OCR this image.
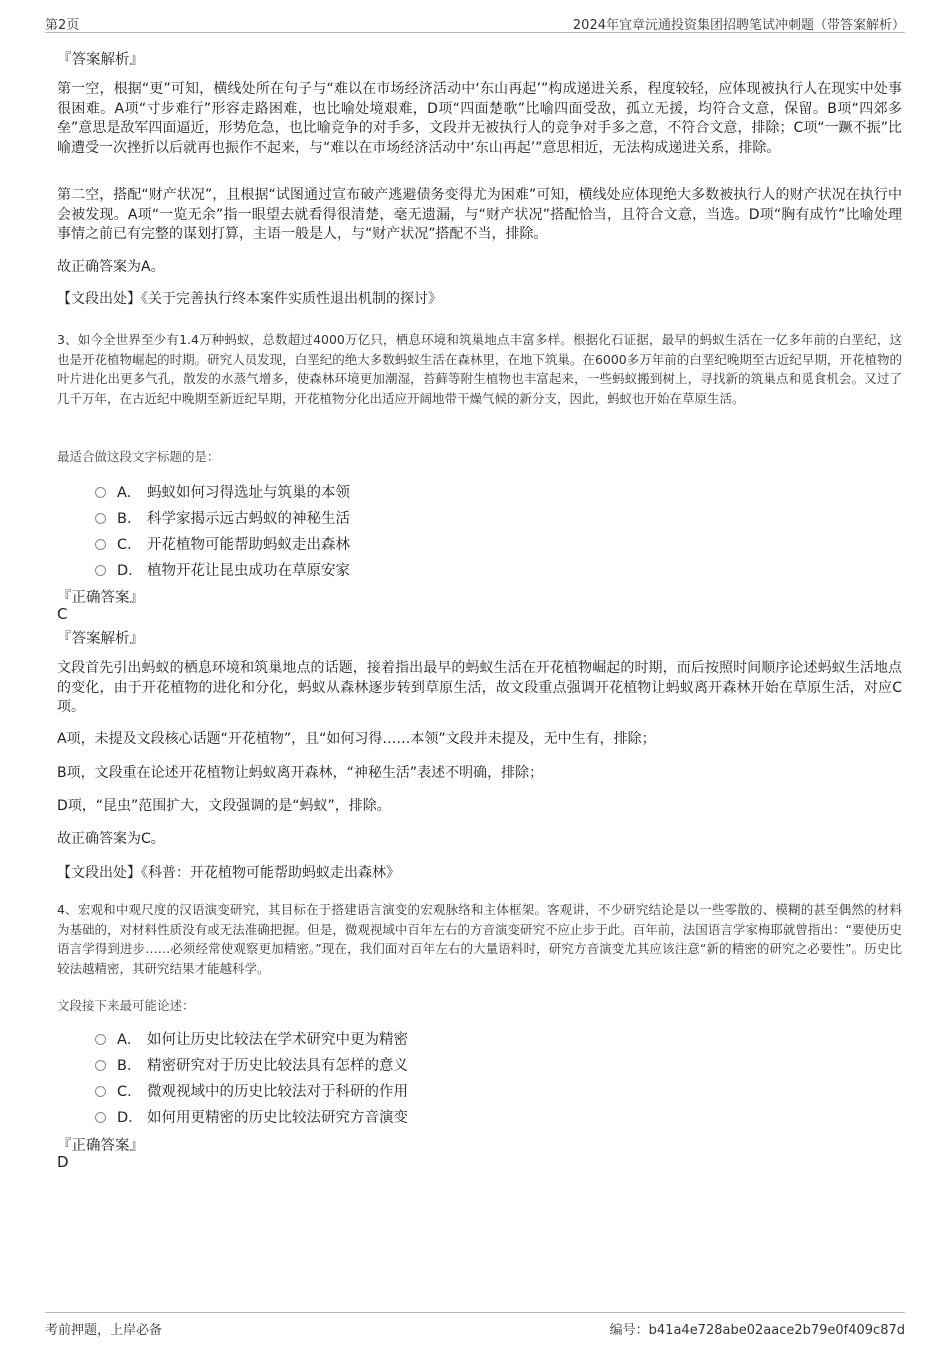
第2页	2024年宜章沅通投资集团招聘笔试冲刺题（带答案解析）
『答案解析』

第一空，根据“更”可知，横线处所在句子与“难以在市场经济活动中‘东山再起’”构成递进关系，程度较轻，应体现被执行人在现实中处事很困难。A项“寸步难行”形容走路困难，也比喻处境艰难，D项“四面楚歌”比喻四面受敌，孤立无援，均符合文意，保留。B项“四郊多垒”意思是敌军四面逼近，形势危急，也比喻竞争的对手多，文段并无被执行人的竞争对手多之意，不符合文意，排除；C项“一蹶不振”比喻遭受一次挫折以后就再也振作不起来，与“难以在市场经济活动中‘东山再起’”意思相近，无法构成递进关系，排除。

第二空，搭配“财产状况”，且根据“试图通过宣布破产逃避债务变得尤为困难”可知，横线处应体现绝大多数被执行人的财产状况在执行中会被发现。A项“一览无余”指一眼望去就看得很清楚，毫无遗漏，与“财产状况”搭配恰当，且符合文意，当选。D项“胸有成竹”比喻处理事情之前已有完整的谋划打算，主语一般是人，与“财产状况”搭配不当，排除。

故正确答案为A。

【文段出处】《关于完善执行终本案件实质性退出机制的探讨》

3、如今全世界至少有1.4万种蚂蚁，总数超过4000万亿只，栖息环境和筑巢地点丰富多样。根据化石证据，最早的蚂蚁生活在一亿多年前的白垩纪，这也是开花植物崛起的时期。研究人员发现，白垩纪的绝大多数蚂蚁生活在森林里，在地下筑巢。在6000多万年前的白垩纪晚期至古近纪早期，开花植物的叶片进化出更多气孔，散发的水蒸气增多，使森林环境更加潮湿，苔藓等附生植物也丰富起来，一些蚂蚁搬到树上，寻找新的筑巢点和觅食机会。又过了几千万年，在古近纪中晚期至新近纪早期，开花植物分化出适应开阔地带干燥气候的新分支，因此，蚂蚁也开始在草原生活。

最适合做这段文字标题的是：
A． 蚂蚁如何习得选址与筑巢的本领
B． 科学家揭示远古蚂蚁的神秘生活
C． 开花植物可能帮助蚂蚁走出森林
D． 植物开花让昆虫成功在草原安家
『正确答案』
C
『答案解析』

文段首先引出蚂蚁的栖息环境和筑巢地点的话题，接着指出最早的蚂蚁生活在开花植物崛起的时期，而后按照时间顺序论述蚂蚁生活地点的变化，由于开花植物的进化和分化，蚂蚁从森林逐步转到草原生活，故文段重点强调开花植物让蚂蚁离开森林开始在草原生活，对应C项。

A项，未提及文段核心话题“开花植物”，且“如何习得……本领”文段并未提及，无中生有，排除；

B项，文段重在论述开花植物让蚂蚁离开森林，“神秘生活”表述不明确，排除；

D项，“昆虫”范围扩大，文段强调的是“蚂蚁”，排除。

故正确答案为C。

【文段出处】《科普：开花植物可能帮助蚂蚁走出森林》

4、宏观和中观尺度的汉语演变研究，其目标在于搭建语言演变的宏观脉络和主体框架。客观讲，不少研究结论是以一些零散的、模糊的甚至偶然的材料为基础的，对材料性质没有或无法准确把握。但是，微观视域中百年左右的方音演变研究不应止步于此。百年前，法国语言学家梅耶就曾指出：“要使历史语言学得到进步……必须经常使观察更加精密。”现在，我们面对百年左右的大量语料时，研究方音演变尤其应该注意“新的精密的研究之必要性”。历史比较法越精密，其研究结果才能越科学。

文段接下来最可能论述：
A． 如何让历史比较法在学术研究中更为精密
B． 精密研究对于历史比较法具有怎样的意义
C． 微观视域中的历史比较法对于科研的作用
D． 如何用更精密的历史比较法研究方音演变
『正确答案』
D
考前押题，上岸必备	编号：b41a4e728abe02aace2b79e0f409c87d
